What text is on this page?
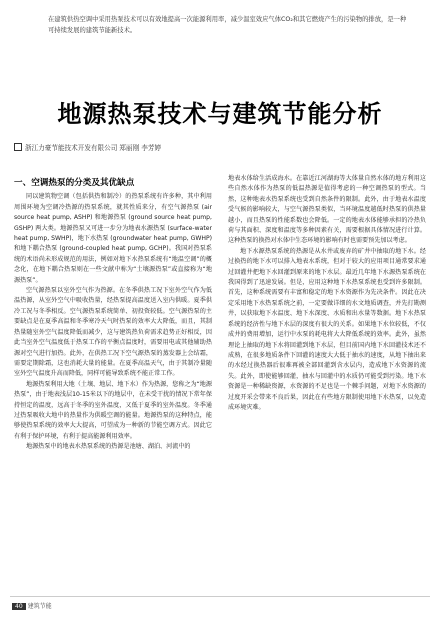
在建筑供热空调中采用热泵技术可以有效地提高一次能源利用率，减少温室效应气体CO₂和其它燃烧产生的污染物的排放，是一种可持续发展的建筑节能新技术。
地源热泵技术与建筑节能分析
浙江力豪节能技术开发有限公司 郑丽刚 李芳婷
一、空调热泵的分类及其优缺点

同以建筑物空调（包括供热和制冷）的热泵系统有许多种，其中利用周围环境为空调冷热源的热泵系统，就其性质来分，有空气源热泵 (air source heat pump, ASHP) 和地源热泵 (ground source heat pump, GSHP) 两大类。地源热泵又可进一步分为地表水源热泵 (surface-water heat pump, SWHP)，地下水热泵 (groundwater heat pump, GWHP) 和地下耦合热泵 (ground-coupled heat pump, GCHP)。我国对热泵系统的术语尚未形成规范的用法，例如对地下水热泵系统有“地温空调”的概念化，在地下耦合热泵则在一些文献中称为“土壤源热泵”或直接称为“地源热泵”。

空气源热泵以室外空气作为热源。在冬季供热工况下室外空气作为低温热源，从室外空气中吸收热量，经热泵提高温度送入室内供暖。夏季供冷工况与冬季相反。空气源热泵系统简单、初投资较低。空气源热泵的主要缺点是在夏季高温和冬季寒冷天气时热泵的效率大大降低，而且，其制热量随室外空气温度降低而减少，这与建筑热负荷需求趋势正好相反，因此当室外空气温度低于热泵工作的平衡点温度时，需要用电或其他辅助热源对空气进行加热。此外，在供热工况下空气源热泵的蒸发器上会结霜，需要定期除霜，这也消耗大量的能量。在夏季高温天气，由于其制冷量随室外空气温度升高而降低，同样可能导致系统不能正常工作。

地源热泵利用大地（土壤、地层、地下水）作为热源，您称之为“地源热泵”，由于地表浅层10-15米以下的地层中，在未受干扰的情况下常年保持恒定的温度，远高于冬季的室外温度，又低于夏季的室外温度。冬季通过热泵吸收大地中的热量作为供暖空调的能量。地源热泵的这种特点，能够使热泵系统的效率大大提高，可望成为一种新的节能空调方式。因此它有利于保护环境，有利于提高能源利用效率。

地源热泵中的地表水热泵系统的热源是池塘、湖泊、河流中的

地表水体给生活成海水。在靠近江河湖海等大体量自然水体的地方利用这些自然水体作为热泵的低温热源是值得考虑的一种空调热泵的型式。当然，这种地表水热泵系统也受到自然条件的限制。此外，由于地表水温度受气候的影响较大，与空气源热泵类似，当环境温度越低时热泵的供热量越小，而且热泵的性能系数也会降低。一定的地表水体能够承担的冷热负荷与其面积、深度和温度等多种因素有关，需要根据具体情况进行计算。这种热泵的换热对水体中生态环境的影响有时也需要预先加以考虑。

地下水源热泵系统的热源是从水井或废弃的矿井中抽取的地下水。经过换热的地下水可以排入地表水系统，但对于较大的应用项目通常要求通过回灌井把地下水回灌到原来的地下水层。最近几年地下水源热泵系统在我国得到了迅速发展。但是，应用这种地下水热泵系统也受到许多限制。首先，这种系统需要有丰富和稳定的地下水资源作为先决条件。因此在决定采用地下水热泵系统之前，一定要做详细的水文地质调查，并先打勘测井，以获取地下水温度、地下水深度、水质和出水量等数据。地下水热泵系统的经济性与地下水层的深度有很大的关系。如果地下水位较低，不仅成井的费用增加，运行中水泵的耗电将大大降低系统的效率。此外，虽然理论上抽取的地下水将回灌到地下水层，但目前国内地下水回灌技术还不成熟，在很多地质条件下回灌的速度大大低于抽水的速度，从地下抽出来的水经过换热器后很难再被全部回灌到含水层内，造成地下水资源的流失。此外，即使能够回灌，抽水与回灌中的水质仍可能受到污染。地下水资源是一种稀缺资源，水资源的不足也是一个棘手问题，对地下水资源的过度开采会带来不良后果，因此在有些地方限制使用地下水热泵，以免造成环境灾难。

40 建筑节能
